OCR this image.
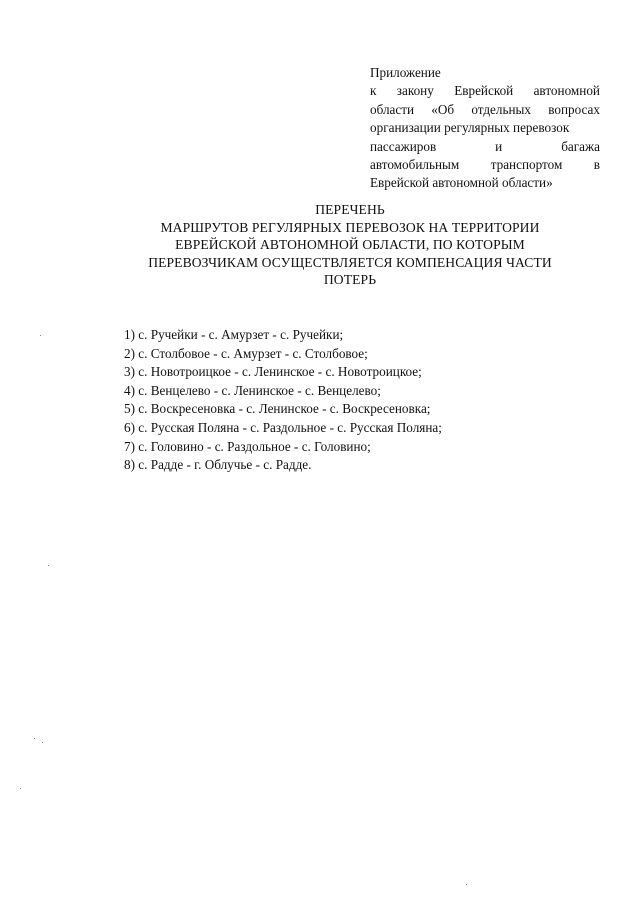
Приложение
к закону Еврейской автономной
области «Об отдельных вопросах
организации регулярных перевозок
пассажиров	и	багажа
автомобильным транспортом в
Еврейской автономной области»
ПЕРЕЧЕНЬ
МАРШРУТОВ РЕГУЛЯРНЫХ ПЕРЕВОЗОК НА ТЕРРИТОРИИ
ЕВРЕЙСКОЙ АВТОНОМНОЙ ОБЛАСТИ, ПО КОТОРЫМ
ПЕРЕВОЗЧИКАМ ОСУЩЕСТВЛЯЕТСЯ КОМПЕНСАЦИЯ ЧАСТИ
ПОТЕРЬ
1) с. Ручейки - с. Амурзет - с. Ручейки;
2) с. Столбовое - с. Амурзет - с. Столбовое;
3) с. Новотроицкое - с. Ленинское - с. Новотроицкое;
4) с. Венцелево - с. Ленинское - с. Венцелево;
5) с. Воскресеновка - с. Ленинское - с. Воскресеновка;
6) с. Русская Поляна - с. Раздольное - с. Русская Поляна;
7) с. Головино - с. Раздольное - с. Головино;
8) с. Радде - г. Облучье - с. Радде.
